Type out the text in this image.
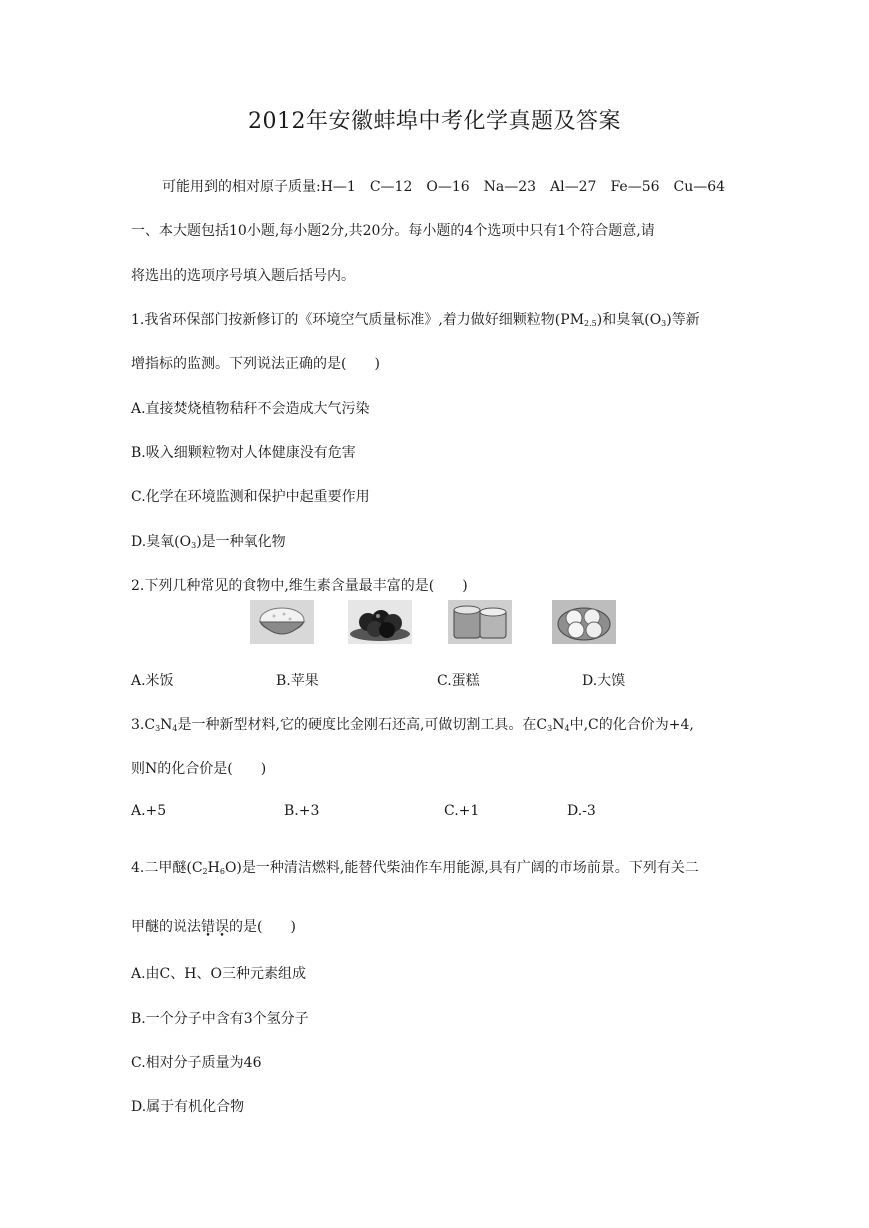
2012年安徽蚌埠中考化学真题及答案
可能用到的相对原子质量:H—1　C—12　O—16　Na—23　Al—27　Fe—56　Cu—64
一、本大题包括10小题,每小题2分,共20分。每小题的4个选项中只有1个符合题意,请
将选出的选项序号填入题后括号内。
1.我省环保部门按新修订的《环境空气质量标准》,着力做好细颗粒物$(PM_{2.5})$和臭氧$(O_3)$等新
增指标的监测。下列说法正确的是(　　)
A.直接焚烧植物秸秆不会造成大气污染
B.吸入细颗粒物对人体健康没有危害
C.化学在环境监测和保护中起重要作用
D.臭氧$(O_3)$是一种氧化物
2.下列几种常见的食物中,维生素含量最丰富的是(　　)
A.米饭	B.苹果	C.蛋糕	D.大馍
$3.C_3N_4$是一种新型材料,它的硬度比金刚石还高,可做切割工具。在$C_3N_4$中,C的化合价为+4,
则N的化合价是(　　)
A.+5	B.+3	C.+1	D.-3
4.二甲醚$(C_2H_6O)$是一种清洁燃料,能替代柴油作车用能源,具有广阔的市场前景。下列有关二
甲醚的说法错误的是(　　)
A.由C、H、O三种元素组成
B.一个分子中含有3个氢分子
C.相对分子质量为46
D.属于有机化合物
